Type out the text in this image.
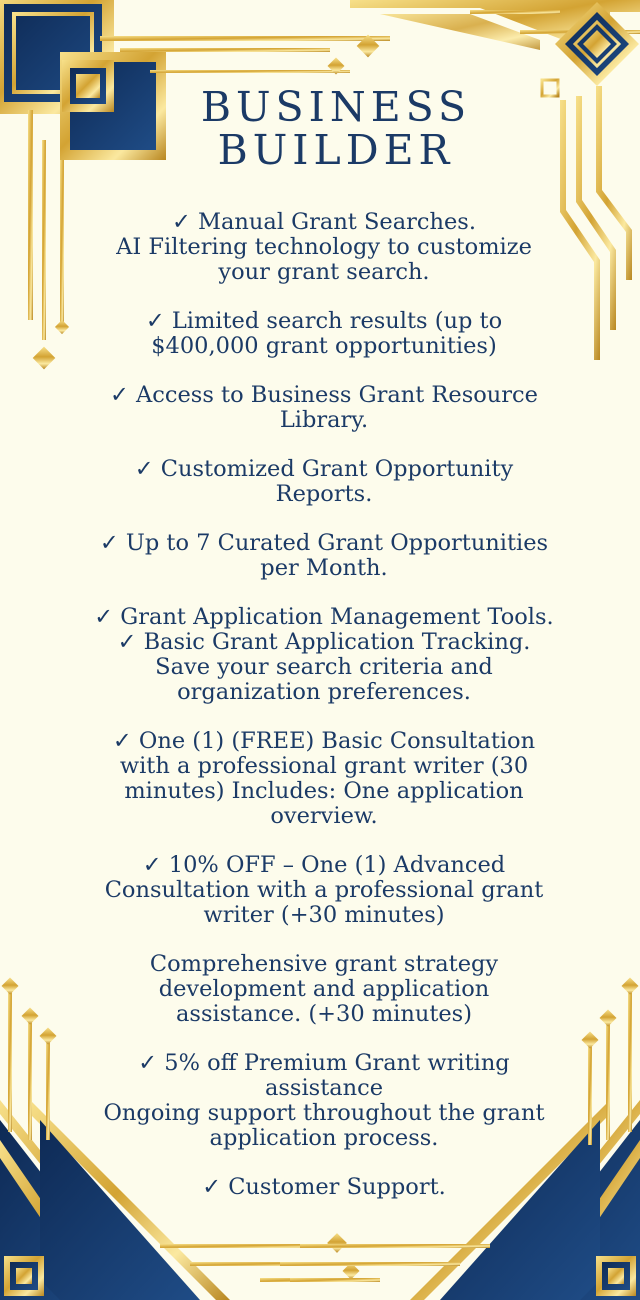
BUSINESS
BUILDER
✓ Manual Grant Searches.
AI Filtering technology to customize
your grant search.
✓ Limited search results (up to
$400,000 grant opportunities)
✓ Access to Business Grant Resource
Library.
✓ Customized Grant Opportunity
Reports.
✓ Up to 7 Curated Grant Opportunities
per Month.
✓ Grant Application Management Tools.
✓ Basic Grant Application Tracking.
Save your search criteria and
organization preferences.
✓ One (1) (FREE) Basic Consultation
with a professional grant writer (30
minutes) Includes: One application
overview.
✓ 10% OFF – One (1) Advanced
Consultation with a professional grant
writer (+30 minutes)
Comprehensive grant strategy
development and application
assistance. (+30 minutes)
✓ 5% off Premium Grant writing
assistance
Ongoing support throughout the grant
application process.
✓ Customer Support.
